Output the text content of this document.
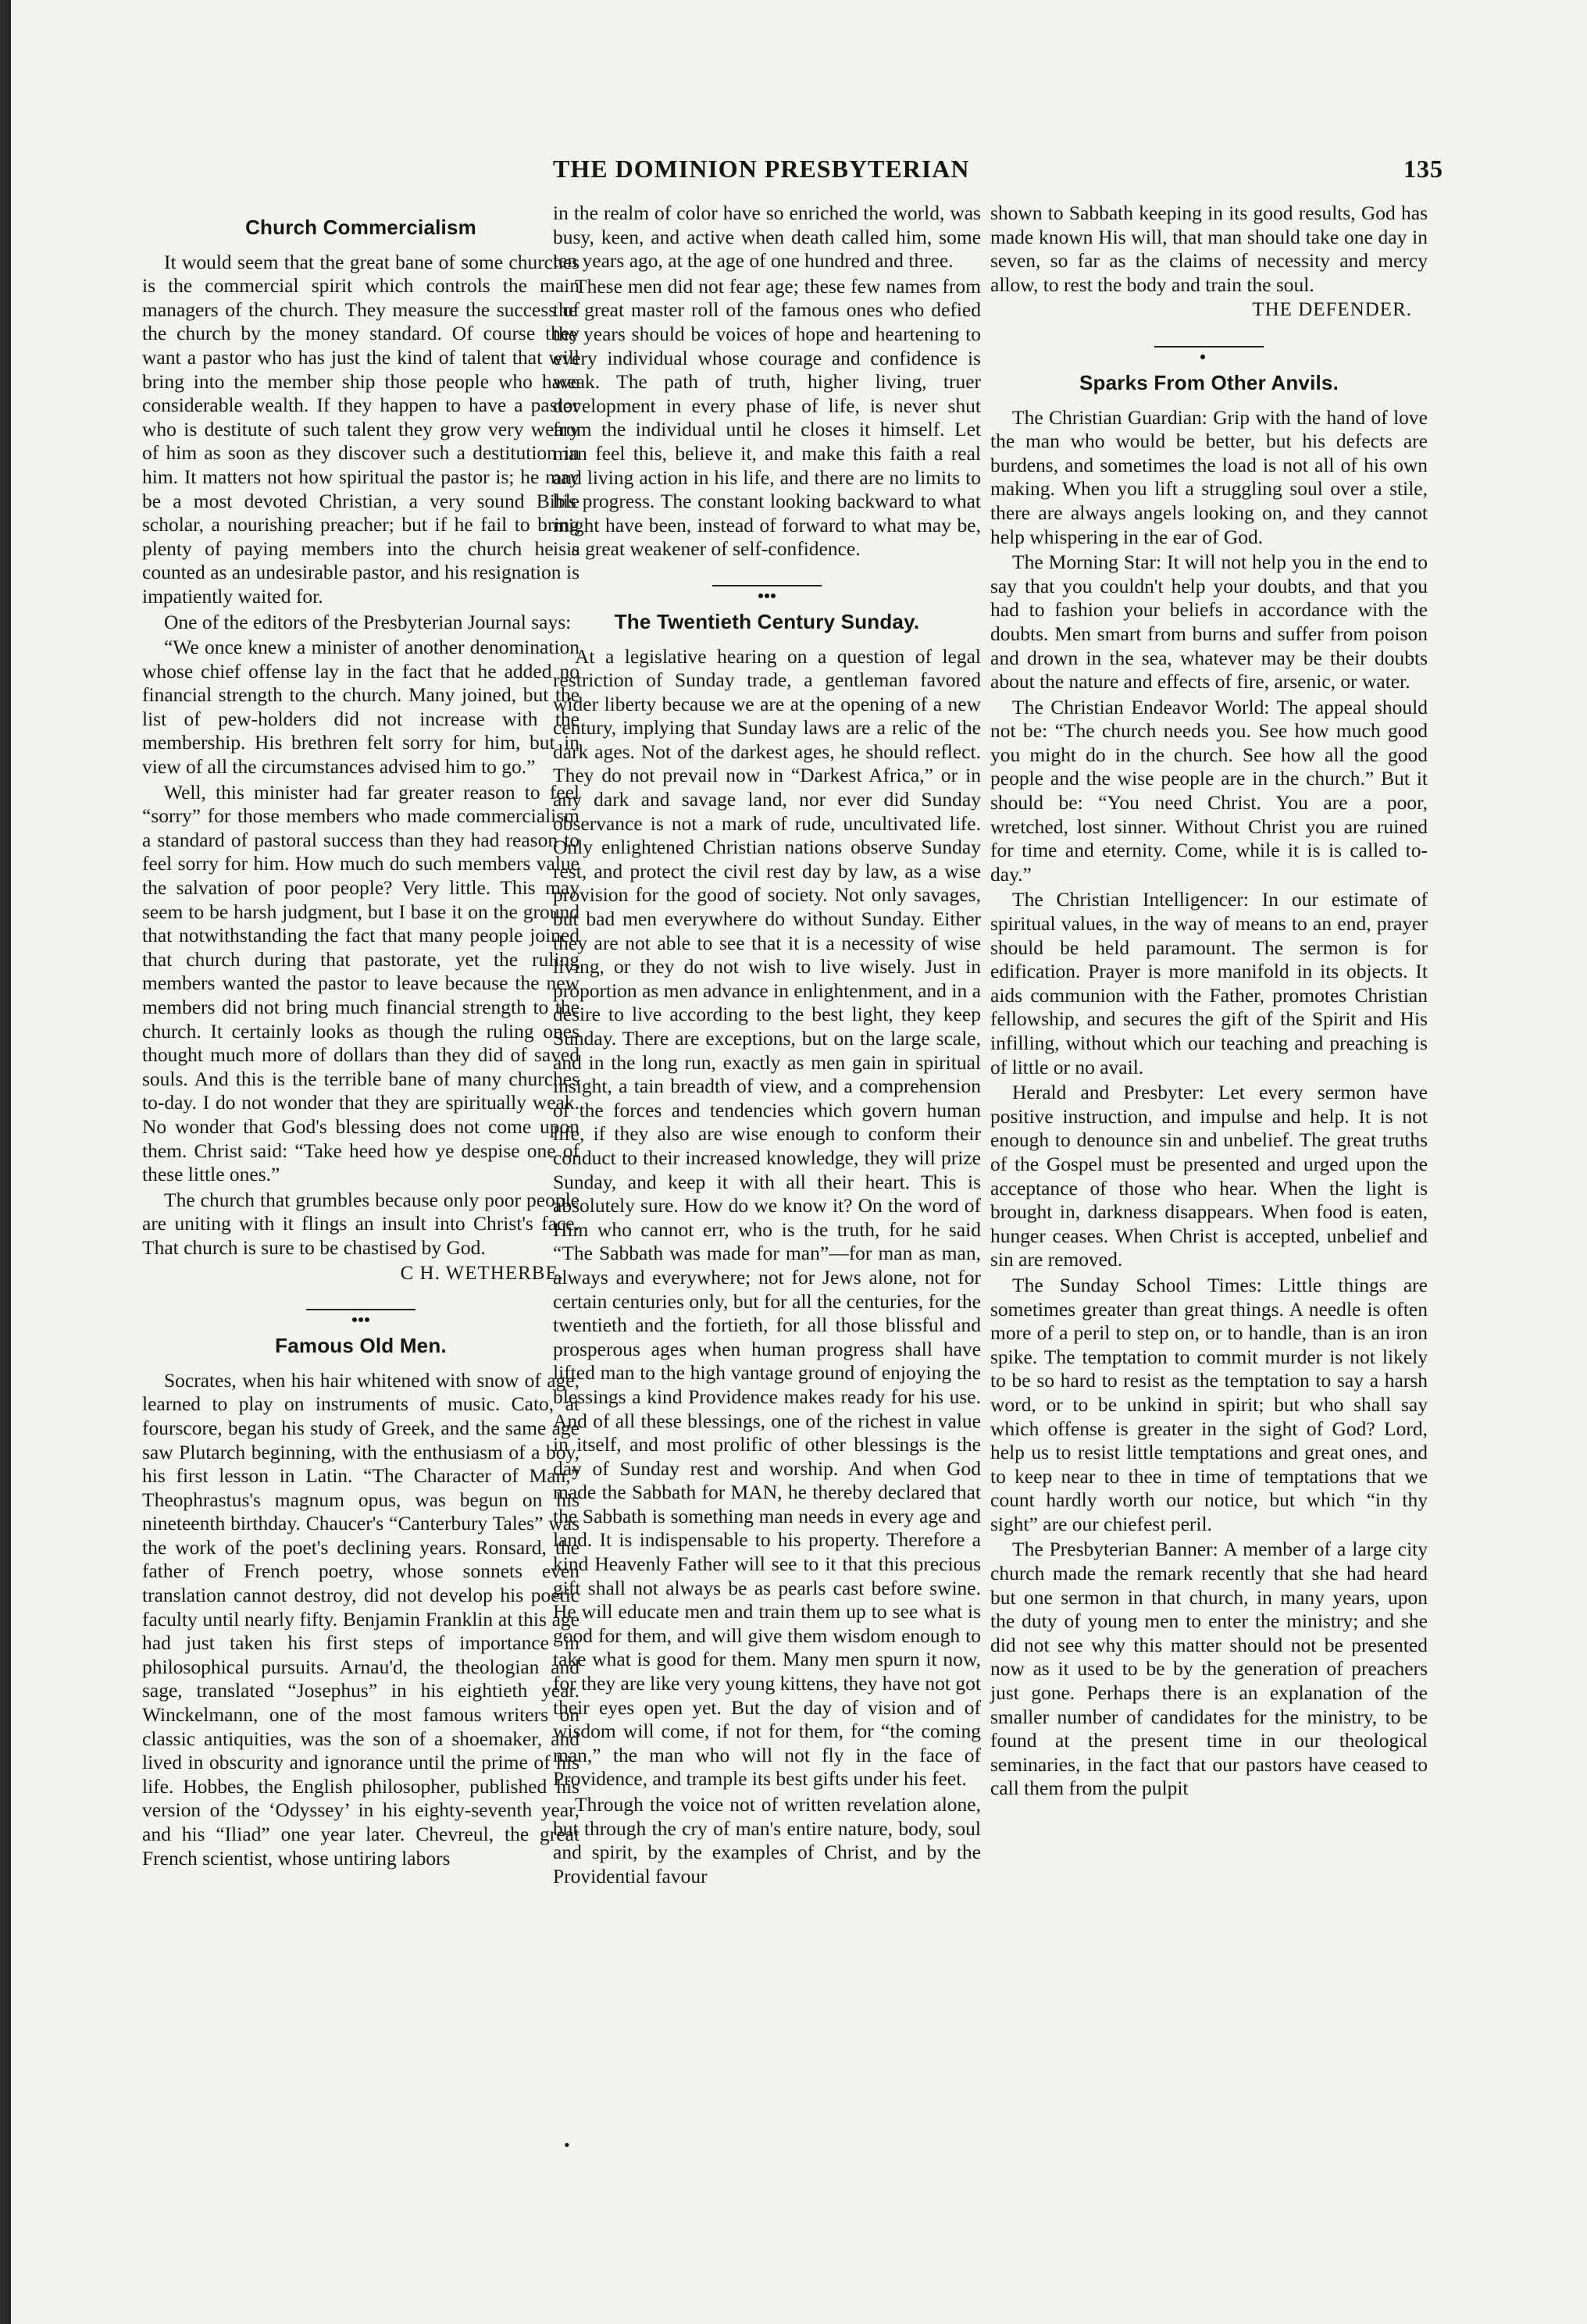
THE DOMINION PRESBYTERIAN	135
Church Commercialism

It would seem that the great bane of some churches is the commercial spirit which controls the main managers of the church. They measure the success of the church by the money standard. Of course they want a pastor who has just the kind of talent that will bring into the member ship those people who have considerable wealth. If they happen to have a pastor who is destitute of such talent they grow very weary of him as soon as they discover such a destitution in him. It matters not how spiritual the pastor is; he may be a most devoted Christian, a very sound Bible scholar, a nourishing preacher; but if he fail to bring plenty of paying members into the church he is counted as an undesirable pastor, and his resignation is impatiently waited for.

One of the editors of the Presbyterian Journal says:

“We once knew a minister of another denomination whose chief offense lay in the fact that he added no financial strength to the church. Many joined, but the list of pew-holders did not increase with the membership. His brethren felt sorry for him, but in view of all the circumstances advised him to go.”

Well, this minister had far greater reason to feel “sorry” for those members who made commercialism a standard of pastoral success than they had reason to feel sorry for him. How much do such members value the salvation of poor people? Very little. This may seem to be harsh judgment, but I base it on the ground that notwithstanding the fact that many people joined that church during that pastorate, yet the ruling members wanted the pastor to leave because the new members did not bring much financial strength to the church. It certainly looks as though the ruling ones thought much more of dollars than they did of saved souls. And this is the terrible bane of many churches to-day. I do not wonder that they are spiritually weak. No wonder that God's blessing does not come upon them. Christ said: “Take heed how ye despise one of these little ones.”

The church that grumbles because only poor people are uniting with it flings an insult into Christ's face. That church is sure to be chastised by God.

C H. WETHERBE.
Famous Old Men.

Socrates, when his hair whitened with snow of age, learned to play on instruments of music. Cato, at fourscore, began his study of Greek, and the same age saw Plutarch beginning, with the enthusiasm of a boy, his first lesson in Latin. “The Character of Man,” Theophrastus's magnum opus, was begun on his nineteenth birthday. Chaucer's “Canterbury Tales” was the work of the poet's declining years. Ronsard, the father of French poetry, whose sonnets even translation cannot destroy, did not develop his poetic faculty until nearly fifty. Benjamin Franklin at this age had just taken his first steps of importance in philosophical pursuits. Arnau'd, the theologian and sage, translated “Josephus” in his eightieth year. Winckelmann, one of the most famous writers on classic antiquities, was the son of a shoemaker, and lived in obscurity and ignorance until the prime of his life. Hobbes, the English philosopher, published his version of the ‘Odyssey’ in his eighty-seventh year, and his “Iliad” one year later. Chevreul, the great French scientist, whose untiring labors

in the realm of color have so enriched the world, was busy, keen, and active when death called him, some ten years ago, at the age of one hundred and three.

These men did not fear age; these few names from the great master roll of the famous ones who defied the years should be voices of hope and heartening to every individual whose courage and confidence is weak. The path of truth, higher living, truer development in every phase of life, is never shut from the individual until he closes it himself. Let man feel this, believe it, and make this faith a real and living action in his life, and there are no limits to his progress. The constant looking backward to what might have been, instead of forward to what may be, is a great weakener of self-confidence.

The Twentieth Century Sunday.

At a legislative hearing on a question of legal restriction of Sunday trade, a gentleman favored wider liberty because we are at the opening of a new century, implying that Sunday laws are a relic of the dark ages. Not of the darkest ages, he should reflect. They do not prevail now in “Darkest Africa,” or in any dark and savage land, nor ever did Sunday observance is not a mark of rude, uncultivated life. Only enlightened Christian nations observe Sunday rest, and protect the civil rest day by law, as a wise provision for the good of society. Not only savages, but bad men everywhere do without Sunday. Either they are not able to see that it is a necessity of wise living, or they do not wish to live wisely. Just in proportion as men advance in enlightenment, and in a desire to live according to the best light, they keep Sunday. There are exceptions, but on the large scale, and in the long run, exactly as men gain in spiritual insight, a tain breadth of view, and a comprehension of the forces and tendencies which govern human life, if they also are wise enough to conform their conduct to their increased knowledge, they will prize Sunday, and keep it with all their heart. This is absolutely sure. How do we know it? On the word of Him who cannot err, who is the truth, for he said “The Sabbath was made for man”—for man as man, always and everywhere; not for Jews alone, not for certain centuries only, but for all the centuries, for the twentieth and the fortieth, for all those blissful and prosperous ages when human progress shall have lifted man to the high vantage ground of enjoying the blessings a kind Providence makes ready for his use. And of all these blessings, one of the richest in value in itself, and most prolific of other blessings is the day of Sunday rest and worship. And when God made the Sabbath for MAN, he thereby declared that the Sabbath is something man needs in every age and land. It is indispensable to his property. Therefore a kind Heavenly Father will see to it that this precious gift shall not always be as pearls cast before swine. He will educate men and train them up to see what is good for them, and will give them wisdom enough to take what is good for them. Many men spurn it now, for they are like very young kittens, they have not got their eyes open yet. But the day of vision and of wisdom will come, if not for them, for “the coming man,” the man who will not fly in the face of Providence, and trample its best gifts under his feet.

Through the voice not of written revelation alone, but through the cry of man's entire nature, body, soul and spirit, by the examples of Christ, and by the Providential favour

•

shown to Sabbath keeping in its good results, God has made known His will, that man should take one day in seven, so far as the claims of necessity and mercy allow, to rest the body and train the soul.

THE DEFENDER.
Sparks From Other Anvils.

The Christian Guardian: Grip with the hand of love the man who would be better, but his defects are burdens, and sometimes the load is not all of his own making. When you lift a struggling soul over a stile, there are always angels looking on, and they cannot help whispering in the ear of God.

The Morning Star: It will not help you in the end to say that you couldn't help your doubts, and that you had to fashion your beliefs in accordance with the doubts. Men smart from burns and suffer from poison and drown in the sea, whatever may be their doubts about the nature and effects of fire, arsenic, or water.

The Christian Endeavor World: The appeal should not be: “The church needs you. See how much good you might do in the church. See how all the good people and the wise people are in the church.” But it should be: “You need Christ. You are a poor, wretched, lost sinner. Without Christ you are ruined for time and eternity. Come, while it is is called to-day.”

The Christian Intelligencer: In our estimate of spiritual values, in the way of means to an end, prayer should be held paramount. The sermon is for edification. Prayer is more manifold in its objects. It aids communion with the Father, promotes Christian fellowship, and secures the gift of the Spirit and His infilling, without which our teaching and preaching is of little or no avail.

Herald and Presbyter: Let every sermon have positive instruction, and impulse and help. It is not enough to denounce sin and unbelief. The great truths of the Gospel must be presented and urged upon the acceptance of those who hear. When the light is brought in, darkness disappears. When food is eaten, hunger ceases. When Christ is accepted, unbelief and sin are removed.

The Sunday School Times: Little things are sometimes greater than great things. A needle is often more of a peril to step on, or to handle, than is an iron spike. The temptation to commit murder is not likely to be so hard to resist as the temptation to say a harsh word, or to be unkind in spirit; but who shall say which offense is greater in the sight of God? Lord, help us to resist little temptations and great ones, and to keep near to thee in time of temptations that we count hardly worth our notice, but which “in thy sight” are our chiefest peril.

The Presbyterian Banner: A member of a large city church made the remark recently that she had heard but one sermon in that church, in many years, upon the duty of young men to enter the ministry; and she did not see why this matter should not be presented now as it used to be by the generation of preachers just gone. Perhaps there is an explanation of the smaller number of candidates for the ministry, to be found at the present time in our theological seminaries, in the fact that our pastors have ceased to call them from the pulpit
